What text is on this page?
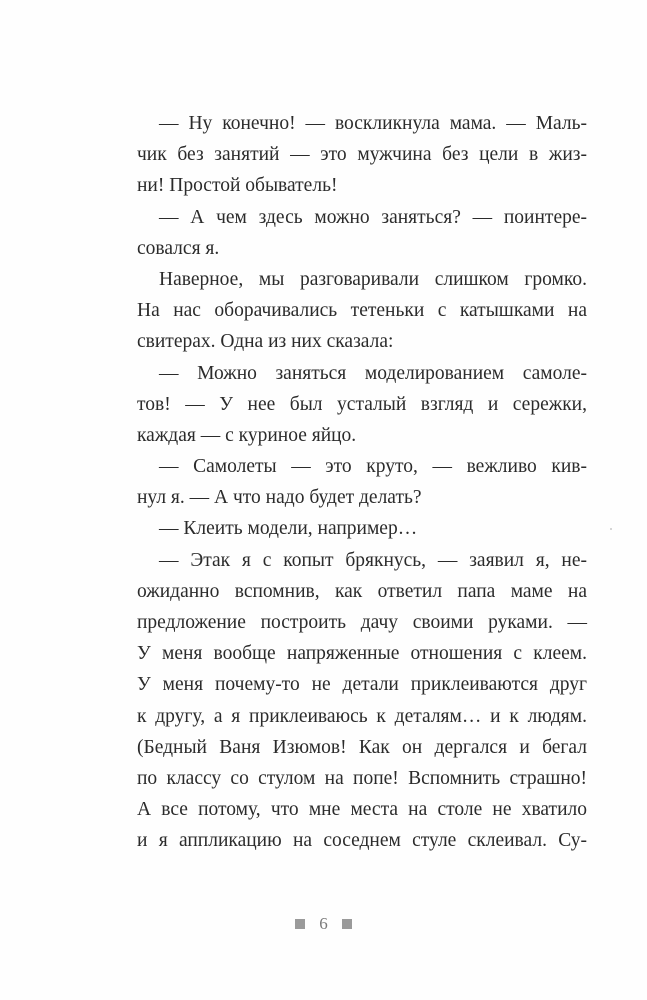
— Ну конечно! — воскликнула мама. — Маль-
чик без занятий — это мужчина без цели в жиз-
ни! Простой обыватель!
— А чем здесь можно заняться? — поинтере-
совался я.
Наверное, мы разговаривали слишком громко.
На нас оборачивались тетеньки с катышками на
свитерах. Одна из них сказала:
— Можно заняться моделированием самоле-
тов! — У нее был усталый взгляд и сережки,
каждая — с куриное яйцо.
— Самолеты — это круто, — вежливо кив-
нул я. — А что надо будет делать?
— Клеить модели, например…
— Этак я с копыт брякнусь, — заявил я, не-
ожиданно вспомнив, как ответил папа маме на
предложение построить дачу своими руками. —
У меня вообще напряженные отношения с клеем.
У меня почему-то не детали приклеиваются друг
к другу, а я приклеиваюсь к деталям… и к людям.
(Бедный Ваня Изюмов! Как он дергался и бегал
по классу со стулом на попе! Вспомнить страшно!
А все потому, что мне места на столе не хватило
и я аппликацию на соседнем стуле склеивал. Су-
6
